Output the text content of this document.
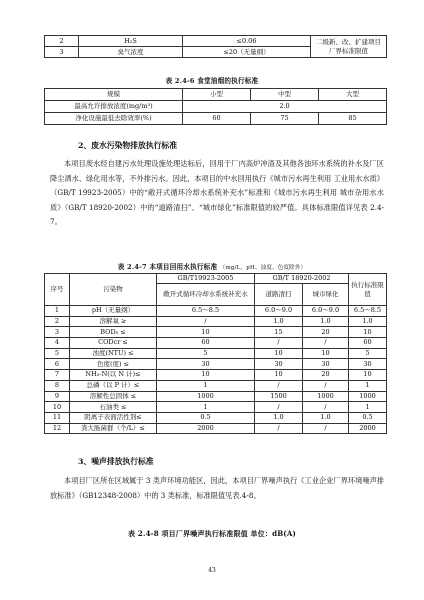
2	H₂S	≤0.06	二级新、改、扩建项目厂界标准限值
3	臭气浓度	≤20（无量纲）	
表 2.4-6 食堂油烟的执行标准
规模	小型	中型	大型
最高允许排放浓度(mg/m³)	2.0		
净化设施最低去除效率(%)	60	75	85
2、废水污染物排放执行标准
本项目废水经自建污水处理设施处理达标后，回用于厂内高炉冲渣及其他各浊环水系统的补水及厂区降尘洒水、绿化用水等，不外排污水。因此，本项目的中水回用执行《城市污水再生利用 工业用水水质》（GB/T 19923-2005）中的“敞开式循环冷却水系统补充水”标准和《城市污水再生利用 城市杂用水水质》（GB/T 18920-2002）中的“道路清扫”、“城市绿化”标准限值的较严值。具体标准限值详见表 2.4-7。
表 2.4-7 本项目回用水执行标准 （mg/L，pH、浊度、色度除外）
序号	污染物	GB/T19923-2005	GB/T 18920-2002		执行标准限值
		敞开式循环冷却水系统补充水	道路清扫	城市绿化	
1	pH（无量纲）	6.5～8.5	6.0～9.0	6.0～9.0	6.5～8.5
2	溶解氧 ≥	/	1.0	1.0	1.0
3	BOD₅ ≤	10	15	20	10
4	CODcr ≤	60	/	/	60
5	浊度(NTU) ≤	5	10	10	5
6	色度(度) ≤	30	30	30	30
7	NH₃-N(以 N 计)≤	10	10	20	10
8	总磷（以 P 计）≤	1	/	/	1
9	溶解性总固体 ≤	1000	1500	1000	1000
10	石油类 ≤	1	/	/	1
11	阴离子表面活性剂≤	0.5	1.0	1.0	0.5
12	粪大肠菌群（个/L）≤	2000	/	/	2000
3、噪声排放执行标准
本项目厂区所在区域属于 3 类声环境功能区，因此，本项目厂界噪声执行《工业企业厂界环境噪声排放标准》（GB12348-2008）中的 3 类标准，标准限值见表.4-8。
表 2.4-8 项目厂界噪声执行标准限值 单位：dB(A)
43
